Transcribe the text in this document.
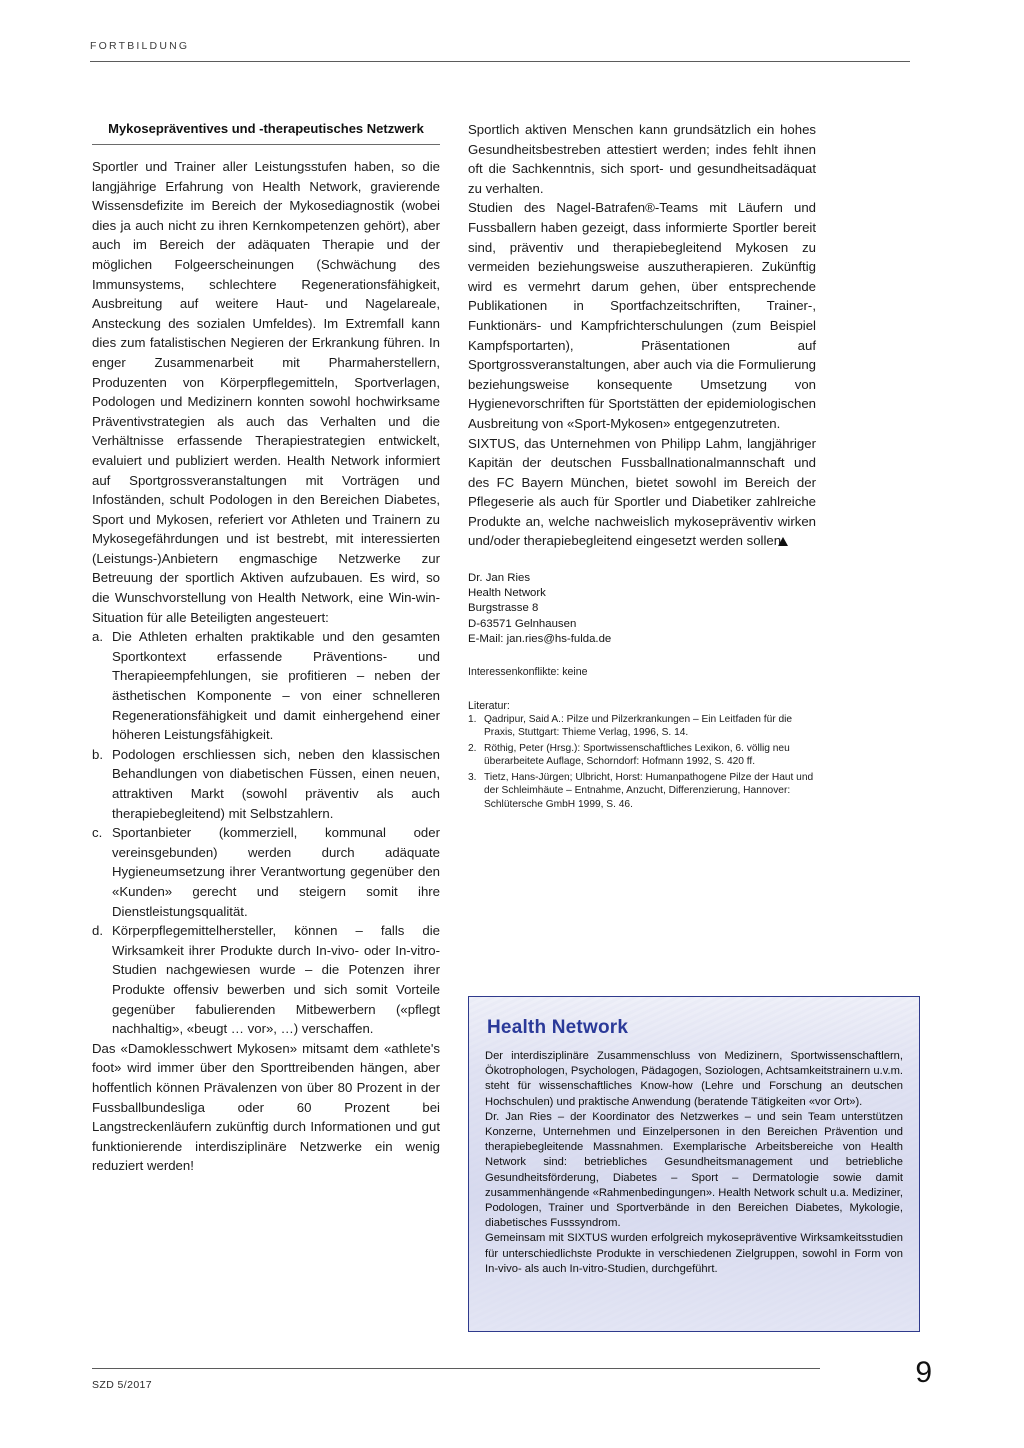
FORTBILDUNG
Mykosepräventives und -therapeutisches Netzwerk

Sportler und Trainer aller Leistungsstufen haben, so die langjährige Erfahrung von Health Network, gravierende Wissensdefizite im Bereich der Mykosediagnostik (wobei dies ja auch nicht zu ihren Kernkompetenzen gehört), aber auch im Bereich der adäquaten Therapie und der möglichen Folgeerscheinungen (Schwächung des Immunsystems, schlechtere Regenerationsfähigkeit, Ausbreitung auf weitere Haut- und Nagelareale, Ansteckung des sozialen Umfeldes). Im Extremfall kann dies zum fatalistischen Negieren der Erkrankung führen. In enger Zusammenarbeit mit Pharmaherstellern, Produzenten von Körperpflegemitteln, Sportverlagen, Podologen und Medizinern konnten sowohl hochwirksame Präventivstrategien als auch das Verhalten und die Verhältnisse erfassende Therapiestrategien entwickelt, evaluiert und publiziert werden. Health Network informiert auf Sportgrossveranstaltungen mit Vorträgen und Infoständen, schult Podologen in den Bereichen Diabetes, Sport und Mykosen, referiert vor Athleten und Trainern zu Mykosegefährdungen und ist bestrebt, mit interessierten (Leistungs-)Anbietern engmaschige Netzwerke zur Betreuung der sportlich Aktiven aufzubauen. Es wird, so die Wunschvorstellung von Health Network, eine Win-win-Situation für alle Beteiligten angesteuert:

a. Die Athleten erhalten praktikable und den gesamten Sportkontext erfassende Präventions- und Therapieempfehlungen, sie profitieren – neben der ästhetischen Komponente – von einer schnelleren Regenerationsfähigkeit und damit einhergehend einer höheren Leistungsfähigkeit.
b. Podologen erschliessen sich, neben den klassischen Behandlungen von diabetischen Füssen, einen neuen, attraktiven Markt (sowohl präventiv als auch therapiebegleitend) mit Selbstzahlern.
c. Sportanbieter (kommerziell, kommunal oder vereinsgebunden) werden durch adäquate Hygieneumsetzung ihrer Verantwortung gegenüber den «Kunden» gerecht und steigern somit ihre Dienstleistungsqualität.
d. Körperpflegemittelhersteller, können – falls die Wirksamkeit ihrer Produkte durch In-vivo- oder In-vitro-Studien nachgewiesen wurde – die Potenzen ihrer Produkte offensiv bewerben und sich somit Vorteile gegenüber fabulierenden Mitbewerbern («pflegt nachhaltig», «beugt … vor», …) verschaffen.

Das «Damoklesschwert Mykosen» mitsamt dem «athlete's foot» wird immer über den Sporttreibenden hängen, aber hoffentlich können Prävalenzen von über 80 Prozent in der Fussballbundesliga oder 60 Prozent bei Langstreckenläufern zukünftig durch Informationen und gut funktionierende interdisziplinäre Netzwerke ein wenig reduziert werden!

Sportlich aktiven Menschen kann grundsätzlich ein hohes Gesundheitsbestreben attestiert werden; indes fehlt ihnen oft die Sachkenntnis, sich sport- und gesundheitsadäquat zu verhalten.

Studien des Nagel-Batrafen®-Teams mit Läufern und Fussballern haben gezeigt, dass informierte Sportler bereit sind, präventiv und therapiebegleitend Mykosen zu vermeiden beziehungsweise auszutherapieren. Zukünftig wird es vermehrt darum gehen, über entsprechende Publikationen in Sportfachzeitschriften, Trainer-, Funktionärs- und Kampfrichterschulungen (zum Beispiel Kampfsportarten), Präsentationen auf Sportgrossveranstaltungen, aber auch via die Formulierung beziehungsweise konsequente Umsetzung von Hygienevorschriften für Sportstätten der epidemiologischen Ausbreitung von «Sport-Mykosen» entgegenzutreten.

SIXTUS, das Unternehmen von Philipp Lahm, langjähriger Kapitän der deutschen Fussballnationalmannschaft und des FC Bayern München, bietet sowohl im Bereich der Pflegeserie als auch für Sportler und Diabetiker zahlreiche Produkte an, welche nachweislich mykosepräventiv wirken und/oder therapiebegleitend eingesetzt werden sollen.

Dr. Jan Ries
Health Network
Burgstrasse 8
D-63571 Gelnhausen
E-Mail: jan.ries@hs-fulda.de
Interessenkonflikte: keine
Literatur:
1. Qadripur, Said A.: Pilze und Pilzerkrankungen – Ein Leitfaden für die Praxis, Stuttgart: Thieme Verlag, 1996, S. 14.
2. Röthig, Peter (Hrsg.): Sportwissenschaftliches Lexikon, 6. völlig neu überarbeitete Auflage, Schorndorf: Hofmann 1992, S. 420 ff.
3. Tietz, Hans-Jürgen; Ulbricht, Horst: Humanpathogene Pilze der Haut und der Schleimhäute – Entnahme, Anzucht, Differenzierung, Hannover: Schlütersche GmbH 1999, S. 46.
Health Network

Der interdisziplinäre Zusammenschluss von Medizinern, Sportwissenschaftlern, Ökotrophologen, Psychologen, Pädagogen, Soziologen, Achtsamkeitstrainern u.v.m. steht für wissenschaftliches Know-how (Lehre und Forschung an deutschen Hochschulen) und praktische Anwendung (beratende Tätigkeiten «vor Ort»).

Dr. Jan Ries – der Koordinator des Netzwerkes – und sein Team unterstützen Konzerne, Unternehmen und Einzelpersonen in den Bereichen Prävention und therapiebegleitende Massnahmen. Exemplarische Arbeitsbereiche von Health Network sind: betriebliches Gesundheitsmanagement und betriebliche Gesundheitsförderung, Diabetes – Sport – Dermatologie sowie damit zusammenhängende «Rahmenbedingungen». Health Network schult u.a. Mediziner, Podologen, Trainer und Sportverbände in den Bereichen Diabetes, Mykologie, diabetisches Fusssyndrom.

Gemeinsam mit SIXTUS wurden erfolgreich mykosepräventive Wirksamkeitsstudien für unterschiedlichste Produkte in verschiedenen Zielgruppen, sowohl in Form von In-vivo- als auch In-vitro-Studien, durchgeführt.

SZD 5/2017	9
